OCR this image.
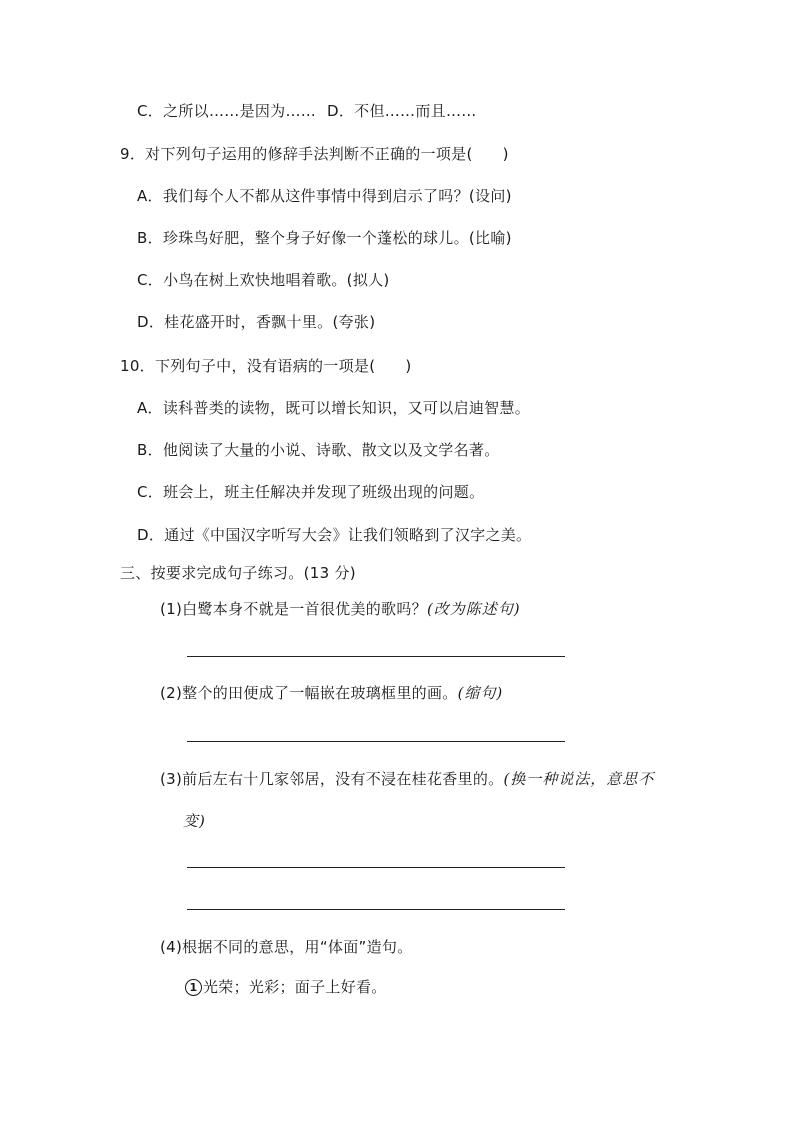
C．之所以……是因为…… D．不但……而且……
9．对下列句子运用的修辞手法判断不正确的一项是( )
A．我们每个人不都从这件事情中得到启示了吗？(设问)
B．珍珠鸟好肥，整个身子好像一个蓬松的球儿。(比喻)
C．小鸟在树上欢快地唱着歌。(拟人)
D．桂花盛开时，香飘十里。(夸张)
10．下列句子中，没有语病的一项是( )
A．读科普类的读物，既可以增长知识，又可以启迪智慧。
B．他阅读了大量的小说、诗歌、散文以及文学名著。
C．班会上，班主任解决并发现了班级出现的问题。
D．通过《中国汉字听写大会》让我们领略到了汉字之美。
三、按要求完成句子练习。(13 分)
(1)白鹭本身不就是一首很优美的歌吗？(改为陈述句)
(2)整个的田便成了一幅嵌在玻璃框里的画。(缩句)
(3)前后左右十几家邻居，没有不浸在桂花香里的。(换一种说法，意思不
变)
(4)根据不同的意思，用“体面”造句。
1 光荣；光彩；面子上好看。
